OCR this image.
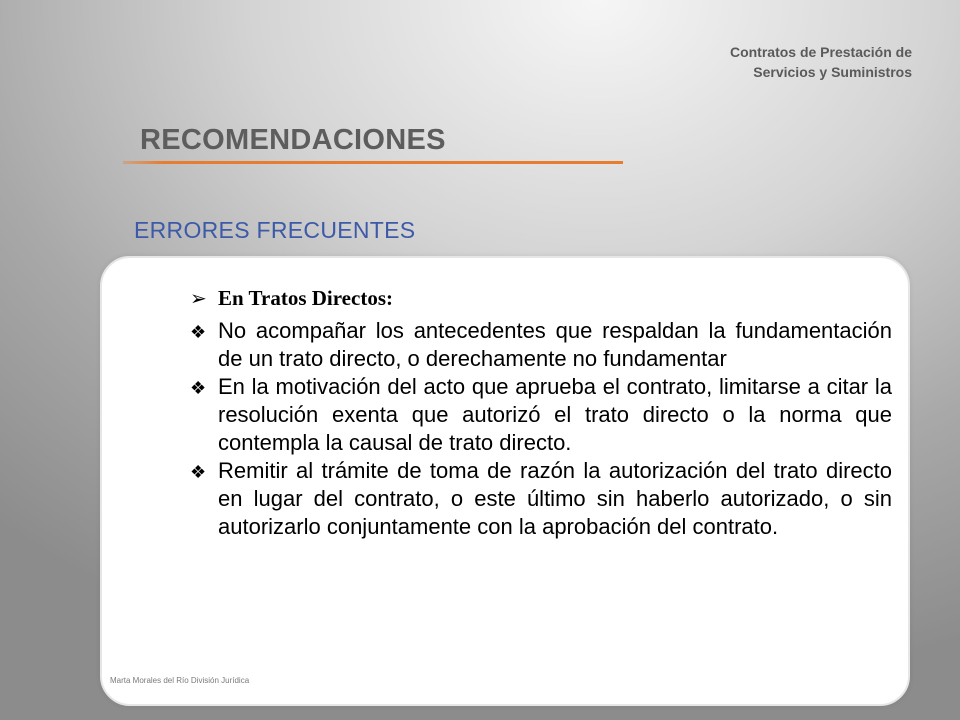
Contratos de Prestación de
Servicios y Suministros
RECOMENDACIONES
ERRORES FRECUENTES
➢ En Tratos Directos:
❖ No acompañar los antecedentes que respaldan la fundamentación de un trato directo, o derechamente no fundamentar
❖ En la motivación del acto que aprueba el contrato, limitarse a citar la resolución exenta que autorizó el trato directo o la norma que contempla la causal de trato directo.
❖ Remitir al trámite de toma de razón la autorización del trato directo en lugar del contrato, o este último sin haberlo autorizado, o sin autorizarlo conjuntamente con la aprobación del contrato.
Marta Morales del Río División Jurídica
